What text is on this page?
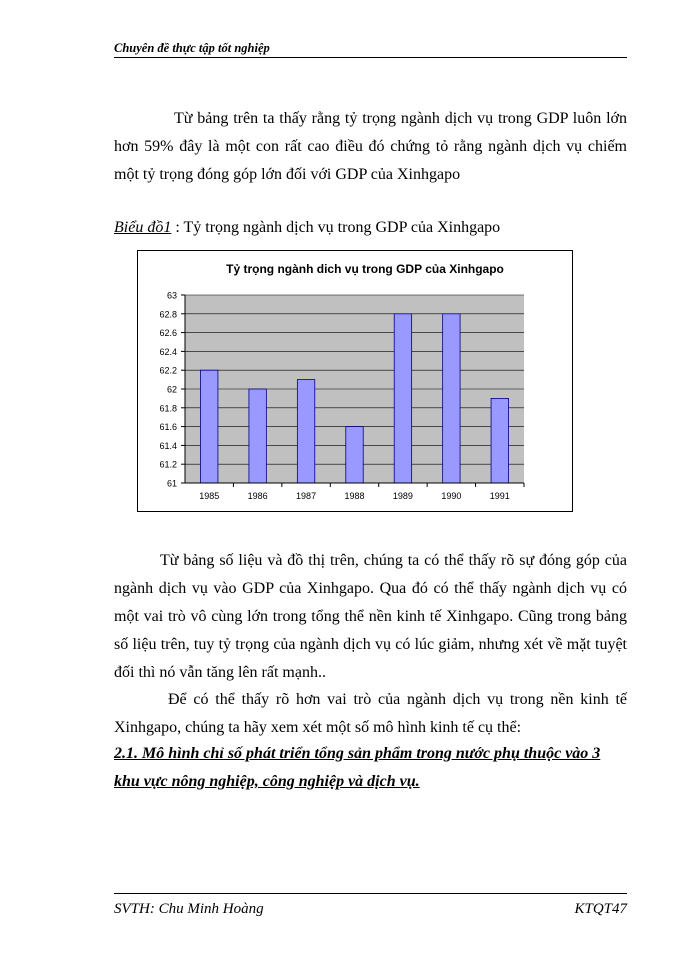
Chuyên đề thực tập tốt nghiệp

Từ bảng trên ta thấy rằng tỷ trọng ngành dịch vụ trong GDP luôn lớn hơn 59% đây là một con rất cao điều đó chứng tỏ rằng ngành dịch vụ chiếm một tỷ trọng đóng góp lớn đối với GDP của Xinhgapo

Biểu đồ1 : Tỷ trọng ngành dịch vụ trong GDP của Xinhgapo
Tỷ trọng ngành dich vụ trong GDP của Xinhgapo
61
61.2
61.4
61.6
61.8
62
62.2
62.4
62.6
62.8
63
1985	1986	1987	1988	1989	1990	1991

Từ bảng số liệu và đồ thị trên, chúng ta có thể thấy rõ sự đóng góp của ngành dịch vụ vào GDP của Xinhgapo. Qua đó có thể thấy ngành dịch vụ có một vai trò vô cùng lớn trong tổng thể nền kinh tế Xinhgapo. Cũng trong bảng số liệu trên, tuy tỷ trọng của ngành dịch vụ có lúc giảm, nhưng xét về mặt tuyệt đối thì nó vẫn tăng lên rất mạnh..

Để có thể thấy rõ hơn vai trò của ngành dịch vụ trong nền kinh tế Xinhgapo, chúng ta hãy xem xét một số mô hình kinh tế cụ thể:

2.1. Mô hình chỉ số phát triển tổng sản phẩm trong nước phụ thuộc vào 3 khu vực nông nghiệp, công nghiệp và dịch vụ.
SVTH: Chu Minh Hoàng	KTQT47
